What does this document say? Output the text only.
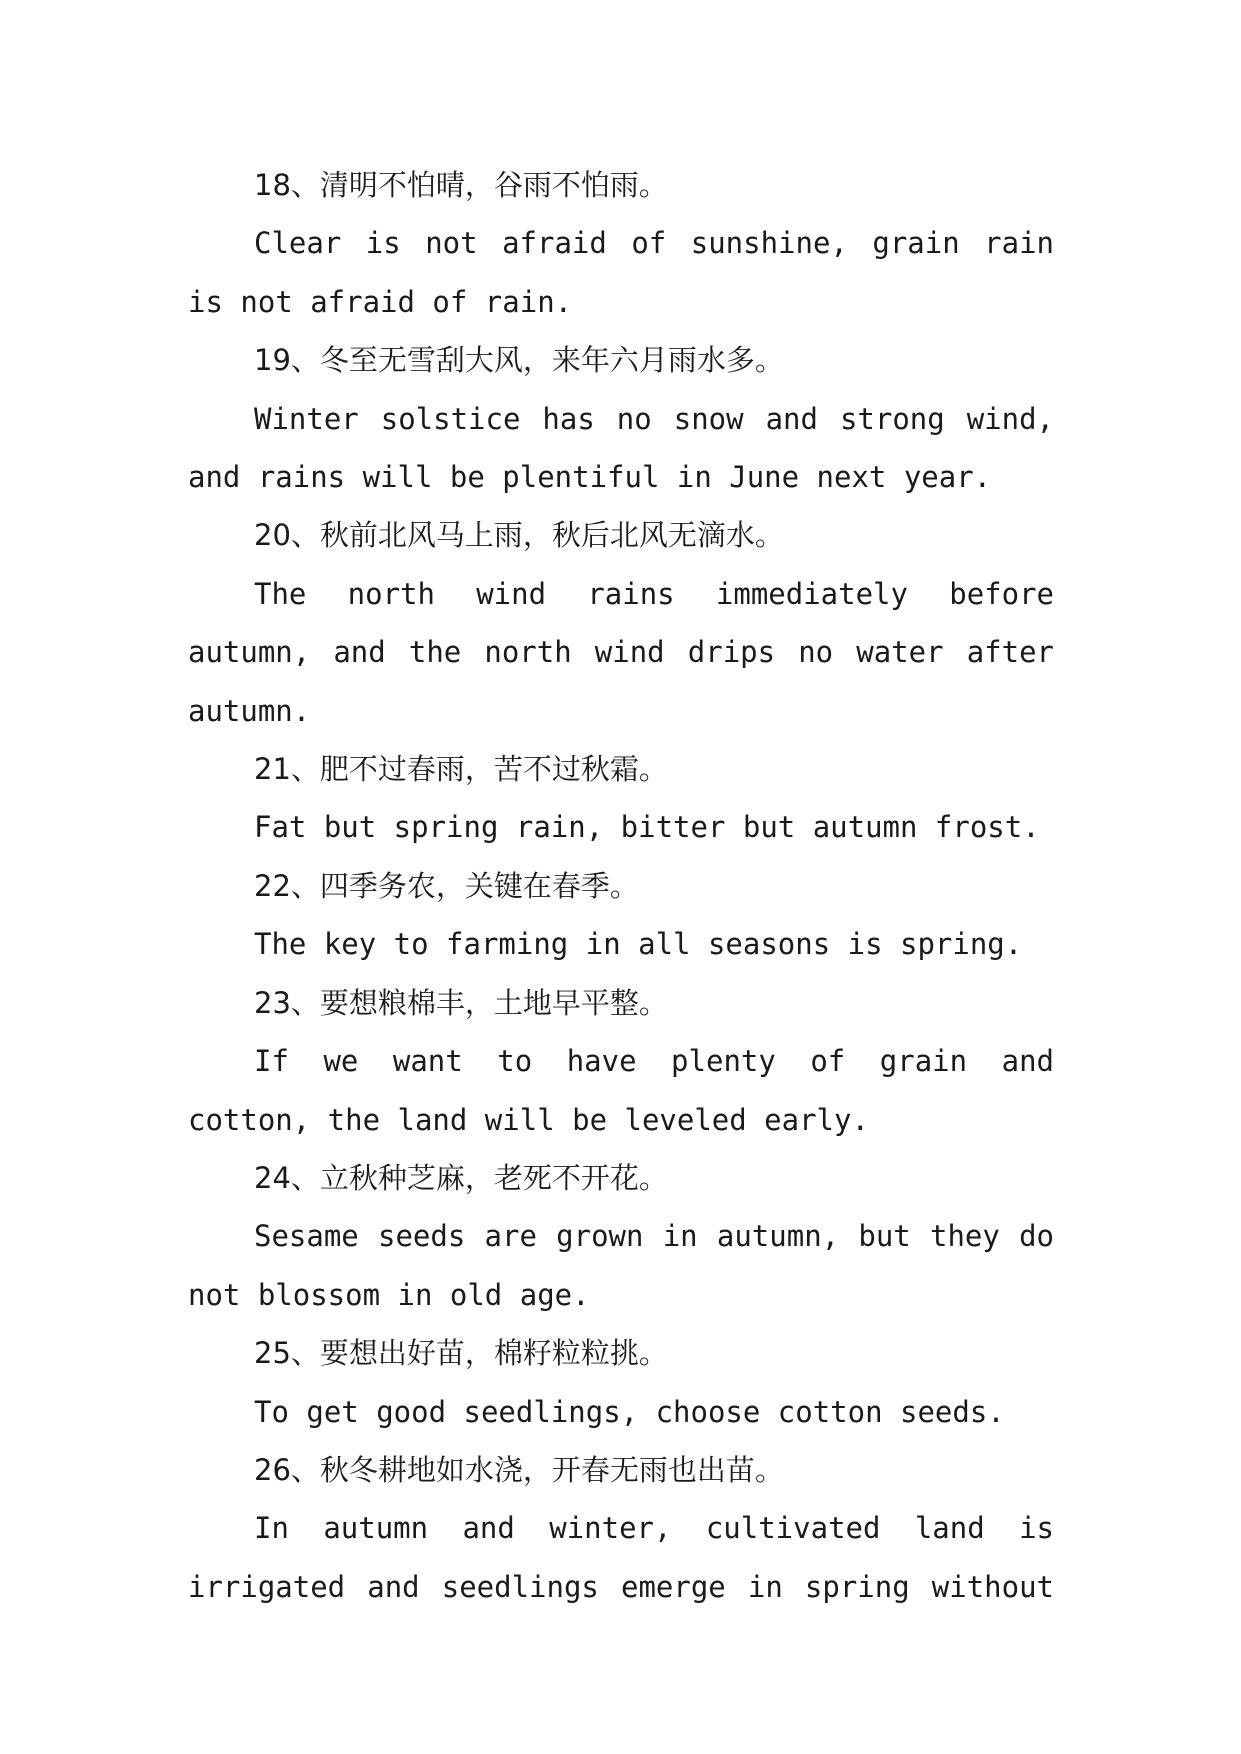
18、清明不怕晴，谷雨不怕雨。

Clear is not afraid of sunshine, grain rain is not afraid of rain.

19、冬至无雪刮大风，来年六月雨水多。

Winter solstice has no snow and strong wind, and rains will be plentiful in June next year.

20、秋前北风马上雨，秋后北风无滴水。

The north wind rains immediately before autumn, and the north wind drips no water after autumn.

21、肥不过春雨，苦不过秋霜。

Fat but spring rain, bitter but autumn frost.

22、四季务农，关键在春季。

The key to farming in all seasons is spring.

23、要想粮棉丰，土地早平整。

If we want to have plenty of grain and cotton, the land will be leveled early.

24、立秋种芝麻，老死不开花。

Sesame seeds are grown in autumn, but they do not blossom in old age.

25、要想出好苗，棉籽粒粒挑。

To get good seedlings, choose cotton seeds.

26、秋冬耕地如水浇，开春无雨也出苗。

In autumn and winter, cultivated land is irrigated and seedlings emerge in spring without
